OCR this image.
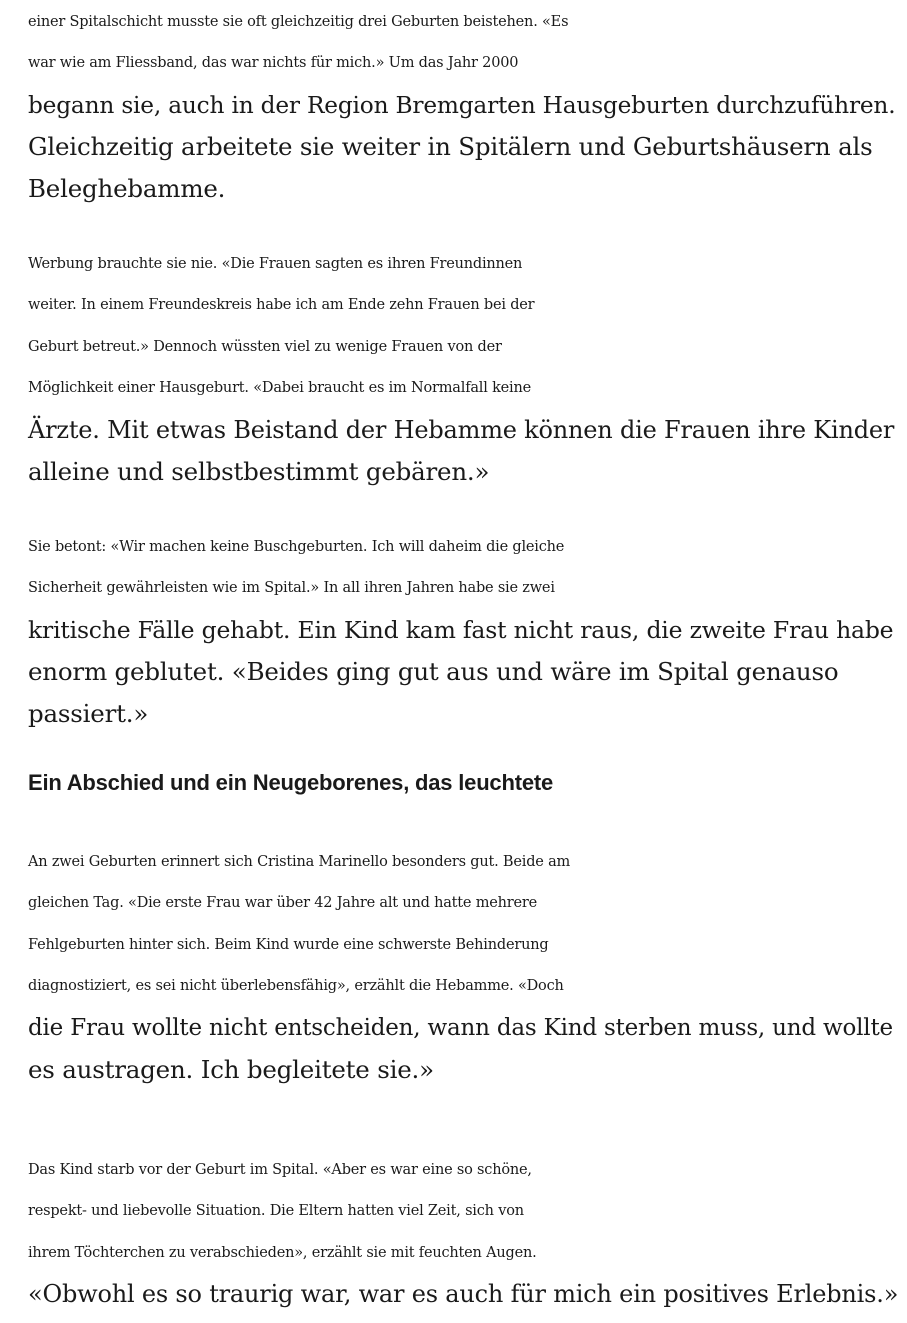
einer Spitalschicht musste sie oft gleichzeitig drei Geburten beistehen. «Es
war wie am Fliessband, das war nichts für mich.» Um das Jahr 2000
begann sie, auch in der Region Bremgarten Hausgeburten durchzuführen.
Gleichzeitig arbeitete sie weiter in Spitälern und Geburtshäusern als
Beleghebamme.

Werbung brauchte sie nie. «Die Frauen sagten es ihren Freundinnen
weiter. In einem Freundeskreis habe ich am Ende zehn Frauen bei der
Geburt betreut.» Dennoch wüssten viel zu wenige Frauen von der
Möglichkeit einer Hausgeburt. «Dabei braucht es im Normalfall keine
Ärzte. Mit etwas Beistand der Hebamme können die Frauen ihre Kinder
alleine und selbstbestimmt gebären.»

Sie betont: «Wir machen keine Buschgeburten. Ich will daheim die gleiche
Sicherheit gewährleisten wie im Spital.» In all ihren Jahren habe sie zwei
kritische Fälle gehabt. Ein Kind kam fast nicht raus, die zweite Frau habe
enorm geblutet. «Beides ging gut aus und wäre im Spital genauso
passiert.»

Ein Abschied und ein Neugeborenes, das leuchtete

An zwei Geburten erinnert sich Cristina Marinello besonders gut. Beide am
gleichen Tag. «Die erste Frau war über 42 Jahre alt und hatte mehrere
Fehlgeburten hinter sich. Beim Kind wurde eine schwerste Behinderung
diagnostiziert, es sei nicht überlebensfähig», erzählt die Hebamme. «Doch
die Frau wollte nicht entscheiden, wann das Kind sterben muss, und wollte
es austragen. Ich begleitete sie.»

Das Kind starb vor der Geburt im Spital. «Aber es war eine so schöne,
respekt- und liebevolle Situation. Die Eltern hatten viel Zeit, sich von
ihrem Töchterchen zu verabschieden», erzählt sie mit feuchten Augen.
«Obwohl es so traurig war, war es auch für mich ein positives Erlebnis.»
